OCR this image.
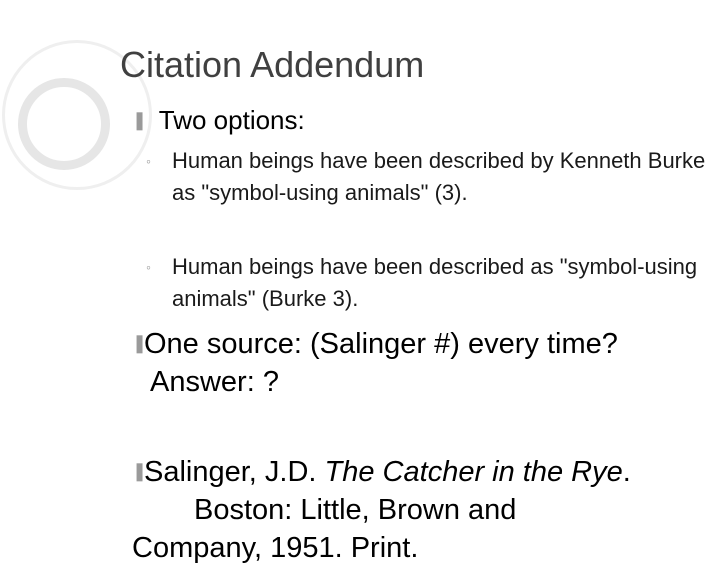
Citation Addendum
❚ Two options:
◦ Human beings have been described by Kenneth Burke as "symbol-using animals" (3).
◦ Human beings have been described as "symbol-using animals" (Burke 3).
❚One source: (Salinger #) every time?
Answer: ?
❚Salinger, J.D. The Catcher in the Rye.
Boston: Little, Brown and
Company, 1951. Print.
